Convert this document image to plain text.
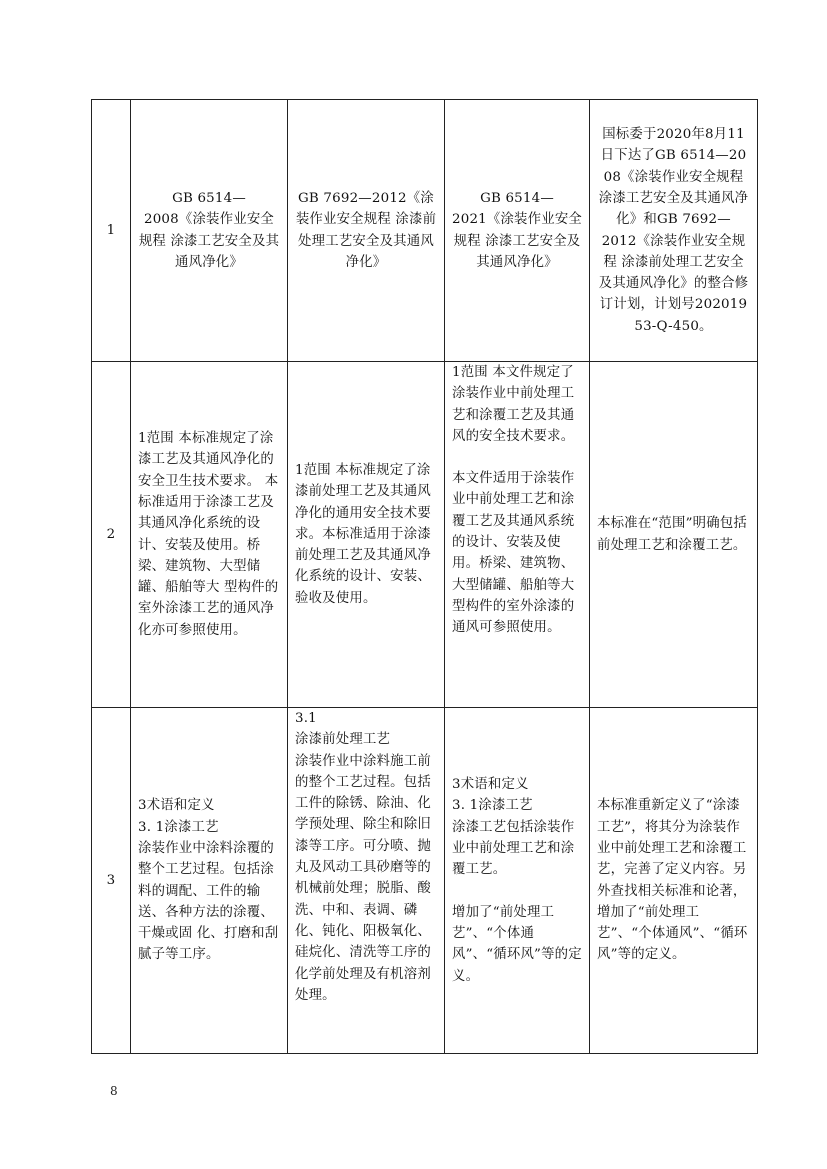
1	GB 6514—
2008《涂装作业安全规程 涂漆工艺安全及其通风净化》	GB 7692—2012《涂装作业安全规程 涂漆前处理工艺安全及其通风净化》	GB 6514—
2021《涂装作业安全规程 涂漆工艺安全及其通风净化》	国标委于2020年8月11日下达了GB 6514—2008《涂装作业安全规程 涂漆工艺安全及其通风净化》和GB 7692—
2012《涂装作业安全规程 涂漆前处理工艺安全及其通风净化》的整合修订计划，计划号20201953-Q-450。

2	1范围 本标准规定了涂漆工艺及其通风净化的安全卫生技术要求。 本标准适用于涂漆工艺及其通风净化系统的设计、安装及使用。桥梁、建筑物、大型储罐、船舶等大 型构件的室外涂漆工艺的通风净化亦可参照使用。	1范围 本标准规定了涂漆前处理工艺及其通风净化的通用安全技术要求。本标准适用于涂漆前处理工艺及其通风净化系统的设计、安装、验收及使用。	1范围 本文件规定了涂装作业中前处理工艺和涂覆工艺及其通风的安全技术要求。
本文件适用于涂装作业中前处理工艺和涂覆工艺及其通风系统的设计、安装及使用。桥梁、建筑物、大型储罐、船舶等大型构件的室外涂漆的通风可参照使用。	本标准在“范围”明确包括前处理工艺和涂覆工艺。

3	3术语和定义
3. 1涂漆工艺
涂装作业中涂料涂覆的整个工艺过程。包括涂料的调配、工件的输送、各种方法的涂覆、干燥或固 化、打磨和刮腻子等工序。	3.1
涂漆前处理工艺
涂装作业中涂料施工前的整个工艺过程。包括工件的除锈、除油、化学预处理、除尘和除旧漆等工序。可分喷、抛丸及风动工具砂磨等的机械前处理；脱脂、酸洗、中和、表调、磷化、钝化、阳极氧化、硅烷化、清洗等工序的化学前处理及有机溶剂处理。	3术语和定义
3. 1涂漆工艺
涂漆工艺包括涂装作业中前处理工艺和涂覆工艺。
增加了“前处理工艺”、“个体通风”、“循环风”等的定义。	本标准重新定义了“涂漆工艺”，将其分为涂装作业中前处理工艺和涂覆工艺，完善了定义内容。另外查找相关标准和论著，增加了“前处理工艺”、“个体通风”、“循环风”等的定义。
8
